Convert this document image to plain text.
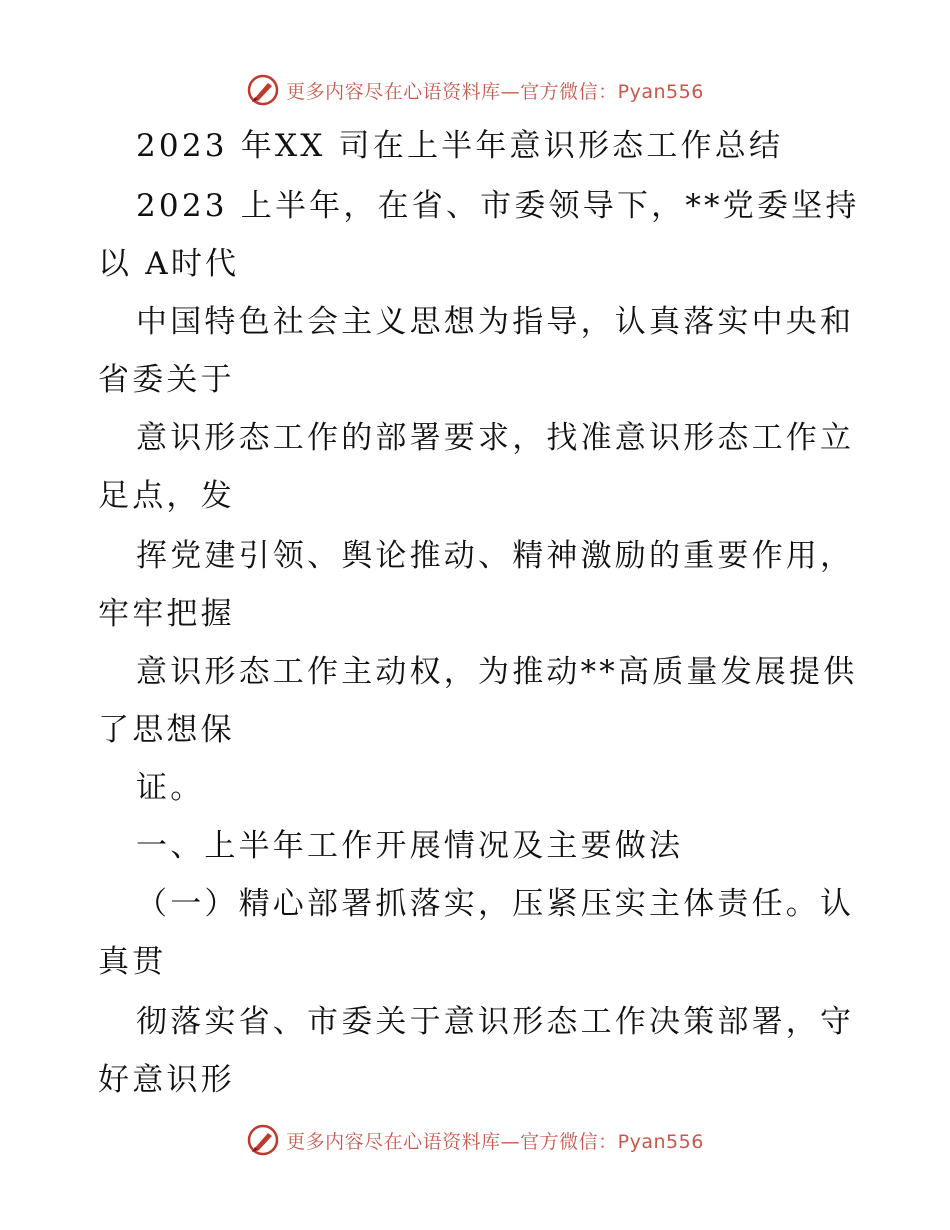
更多内容尽在心语资料库—官方微信：Pyan556
2023 年XX 司在上半年意识形态工作总结
2023 上半年，在省、市委领导下，**党委坚持
以 A时代
中国特色社会主义思想为指导，认真落实中央和
省委关于
意识形态工作的部署要求，找准意识形态工作立
足点，发
挥党建引领、舆论推动、精神激励的重要作用，
牢牢把握
意识形态工作主动权，为推动**高质量发展提供
了思想保
证。
一、上半年工作开展情况及主要做法
（一）精心部署抓落实，压紧压实主体责任。认
真贯
彻落实省、市委关于意识形态工作决策部署，守
好意识形
更多内容尽在心语资料库—官方微信：Pyan556
